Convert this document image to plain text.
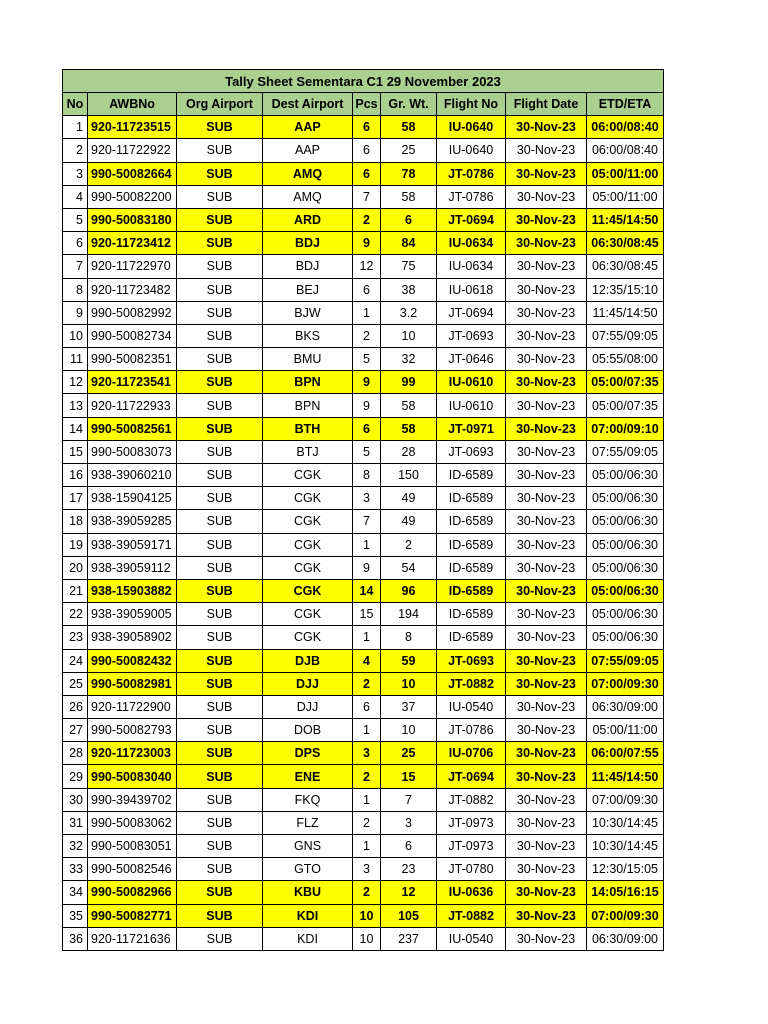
Tally Sheet Sementara C1 29 November 2023								
No	AWBNo	Org Airport	Dest Airport	Pcs	Gr. Wt.	Flight No	Flight Date	ETD/ETA
1	920-11723515	SUB	AAP	6	58	IU-0640	30-Nov-23	06:00/08:40
2	920-11722922	SUB	AAP	6	25	IU-0640	30-Nov-23	06:00/08:40
3	990-50082664	SUB	AMQ	6	78	JT-0786	30-Nov-23	05:00/11:00
4	990-50082200	SUB	AMQ	7	58	JT-0786	30-Nov-23	05:00/11:00
5	990-50083180	SUB	ARD	2	6	JT-0694	30-Nov-23	11:45/14:50
6	920-11723412	SUB	BDJ	9	84	IU-0634	30-Nov-23	06:30/08:45
7	920-11722970	SUB	BDJ	12	75	IU-0634	30-Nov-23	06:30/08:45
8	920-11723482	SUB	BEJ	6	38	IU-0618	30-Nov-23	12:35/15:10
9	990-50082992	SUB	BJW	1	3.2	JT-0694	30-Nov-23	11:45/14:50
10	990-50082734	SUB	BKS	2	10	JT-0693	30-Nov-23	07:55/09:05
11	990-50082351	SUB	BMU	5	32	JT-0646	30-Nov-23	05:55/08:00
12	920-11723541	SUB	BPN	9	99	IU-0610	30-Nov-23	05:00/07:35
13	920-11722933	SUB	BPN	9	58	IU-0610	30-Nov-23	05:00/07:35
14	990-50082561	SUB	BTH	6	58	JT-0971	30-Nov-23	07:00/09:10
15	990-50083073	SUB	BTJ	5	28	JT-0693	30-Nov-23	07:55/09:05
16	938-39060210	SUB	CGK	8	150	ID-6589	30-Nov-23	05:00/06:30
17	938-15904125	SUB	CGK	3	49	ID-6589	30-Nov-23	05:00/06:30
18	938-39059285	SUB	CGK	7	49	ID-6589	30-Nov-23	05:00/06:30
19	938-39059171	SUB	CGK	1	2	ID-6589	30-Nov-23	05:00/06:30
20	938-39059112	SUB	CGK	9	54	ID-6589	30-Nov-23	05:00/06:30
21	938-15903882	SUB	CGK	14	96	ID-6589	30-Nov-23	05:00/06:30
22	938-39059005	SUB	CGK	15	194	ID-6589	30-Nov-23	05:00/06:30
23	938-39058902	SUB	CGK	1	8	ID-6589	30-Nov-23	05:00/06:30
24	990-50082432	SUB	DJB	4	59	JT-0693	30-Nov-23	07:55/09:05
25	990-50082981	SUB	DJJ	2	10	JT-0882	30-Nov-23	07:00/09:30
26	920-11722900	SUB	DJJ	6	37	IU-0540	30-Nov-23	06:30/09:00
27	990-50082793	SUB	DOB	1	10	JT-0786	30-Nov-23	05:00/11:00
28	920-11723003	SUB	DPS	3	25	IU-0706	30-Nov-23	06:00/07:55
29	990-50083040	SUB	ENE	2	15	JT-0694	30-Nov-23	11:45/14:50
30	990-39439702	SUB	FKQ	1	7	JT-0882	30-Nov-23	07:00/09:30
31	990-50083062	SUB	FLZ	2	3	JT-0973	30-Nov-23	10:30/14:45
32	990-50083051	SUB	GNS	1	6	JT-0973	30-Nov-23	10:30/14:45
33	990-50082546	SUB	GTO	3	23	JT-0780	30-Nov-23	12:30/15:05
34	990-50082966	SUB	KBU	2	12	IU-0636	30-Nov-23	14:05/16:15
35	990-50082771	SUB	KDI	10	105	JT-0882	30-Nov-23	07:00/09:30
36	920-11721636	SUB	KDI	10	237	IU-0540	30-Nov-23	06:30/09:00
